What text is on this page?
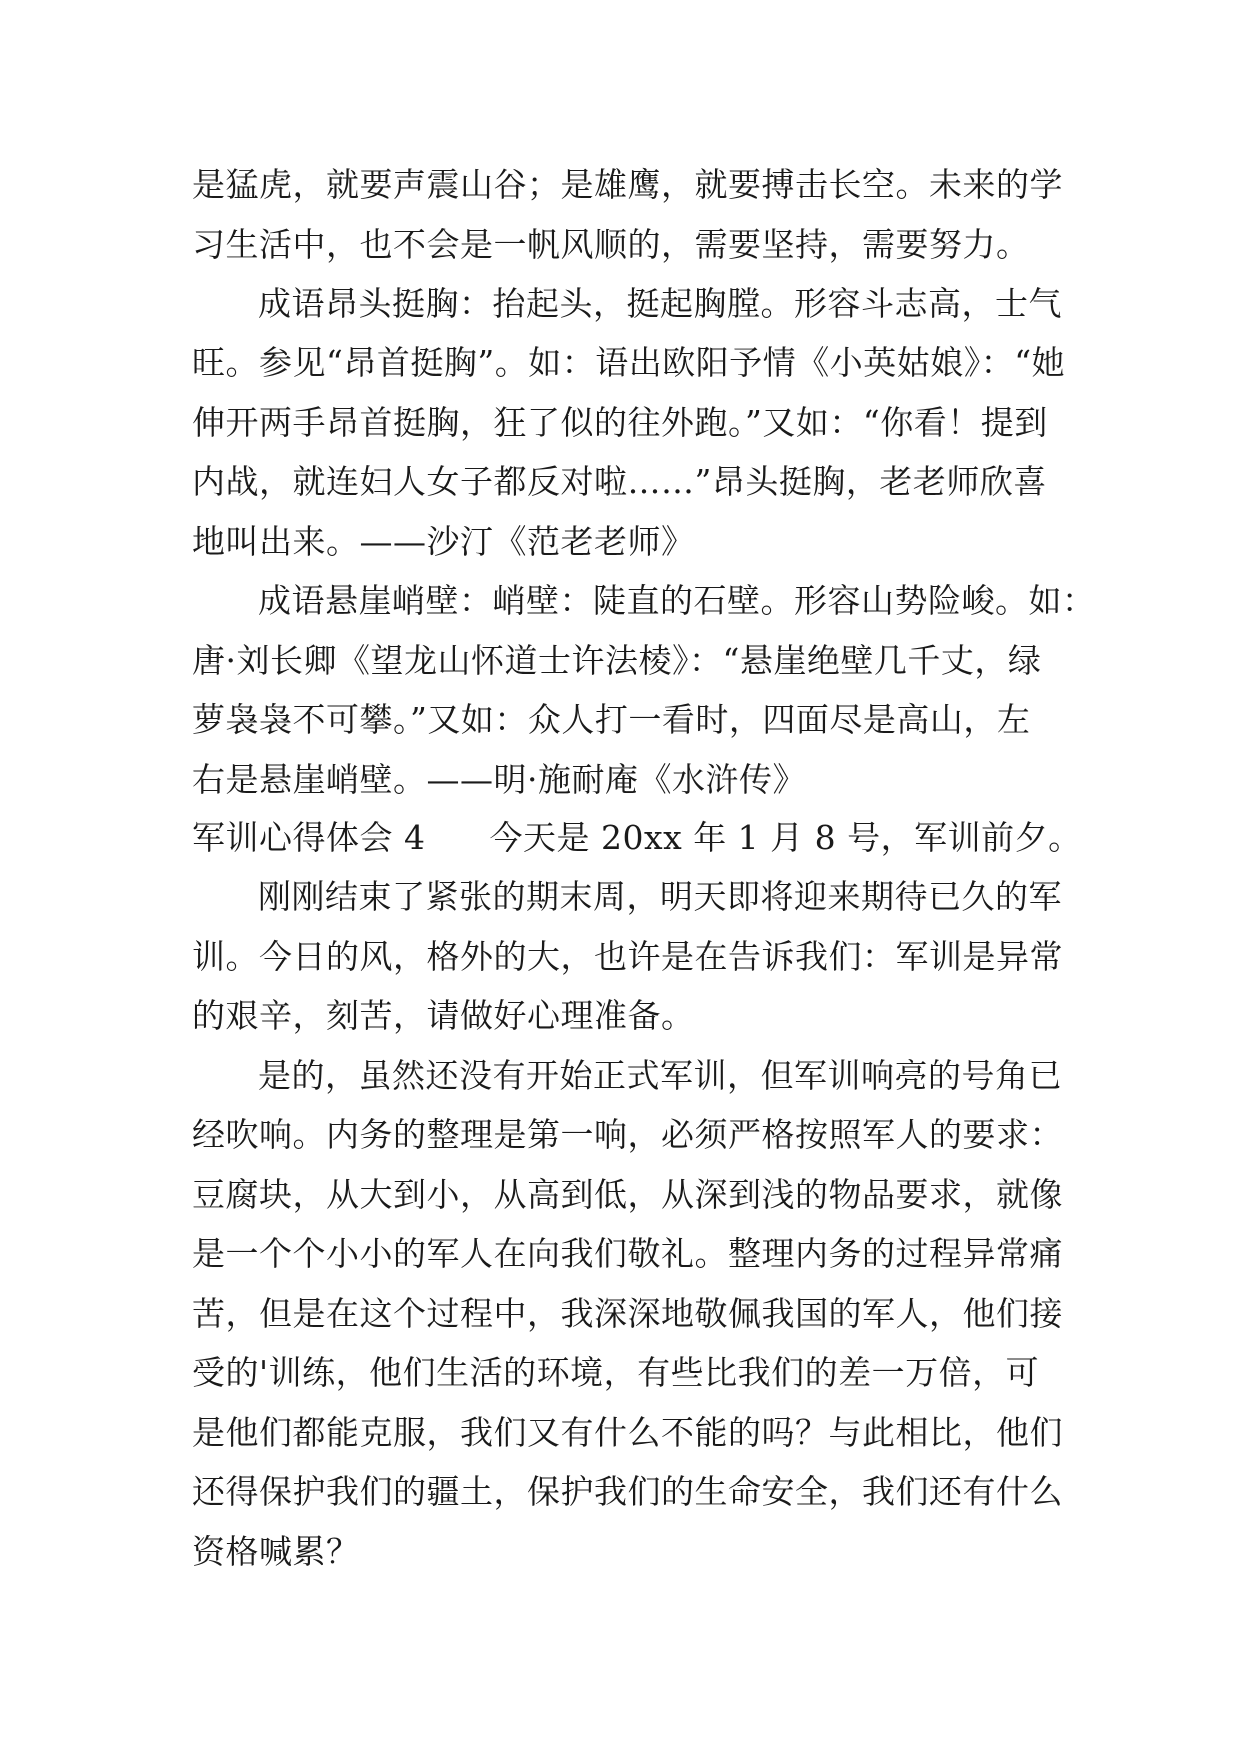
是猛虎，就要声震山谷；是雄鹰，就要搏击长空。未来的学
习生活中，也不会是一帆风顺的，需要坚持，需要努力。
成语昂头挺胸：抬起头，挺起胸膛。形容斗志高，士气
旺。参见“昂首挺胸”。如：语出欧阳予情《小英姑娘》：“她
伸开两手昂首挺胸，狂了似的往外跑。”又如：“你看！提到
内战，就连妇人女子都反对啦……”昂头挺胸，老老师欣喜
地叫出来。——沙汀《范老老师》
成语悬崖峭壁：峭壁：陡直的石壁。形容山势险峻。如：
唐·刘长卿《望龙山怀道士许法棱》：“悬崖绝壁几千丈，绿
萝袅袅不可攀。”又如：众人打一看时，四面尽是高山，左
右是悬崖峭壁。——明·施耐庵《水浒传》
军训心得体会 4 今天是 20xx 年 1 月 8 号，军训前夕。
刚刚结束了紧张的期末周，明天即将迎来期待已久的军
训。今日的风，格外的大，也许是在告诉我们：军训是异常
的艰辛，刻苦，请做好心理准备。
是的，虽然还没有开始正式军训，但军训响亮的号角已
经吹响。内务的整理是第一响，必须严格按照军人的要求：
豆腐块，从大到小，从高到低，从深到浅的物品要求，就像
是一个个小小的军人在向我们敬礼。整理内务的过程异常痛
苦，但是在这个过程中，我深深地敬佩我国的军人，他们接
受的'训练，他们生活的环境，有些比我们的差一万倍，可
是他们都能克服，我们又有什么不能的吗？与此相比，他们
还得保护我们的疆土，保护我们的生命安全，我们还有什么
资格喊累？
